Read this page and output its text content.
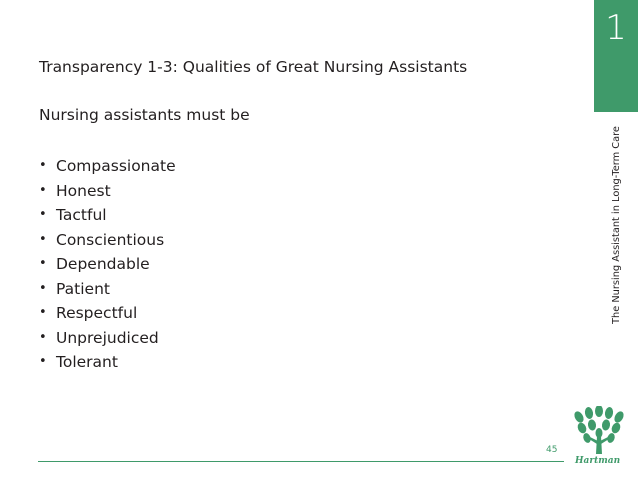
1
The Nursing Assistant in Long-Term Care
Transparency 1-3: Qualities of Great Nursing Assistants
Nursing assistants must be
• Compassionate
• Honest
• Tactful
• Conscientious
• Dependable
• Patient
• Respectful
• Unprejudiced
• Tolerant
45
Hartman
